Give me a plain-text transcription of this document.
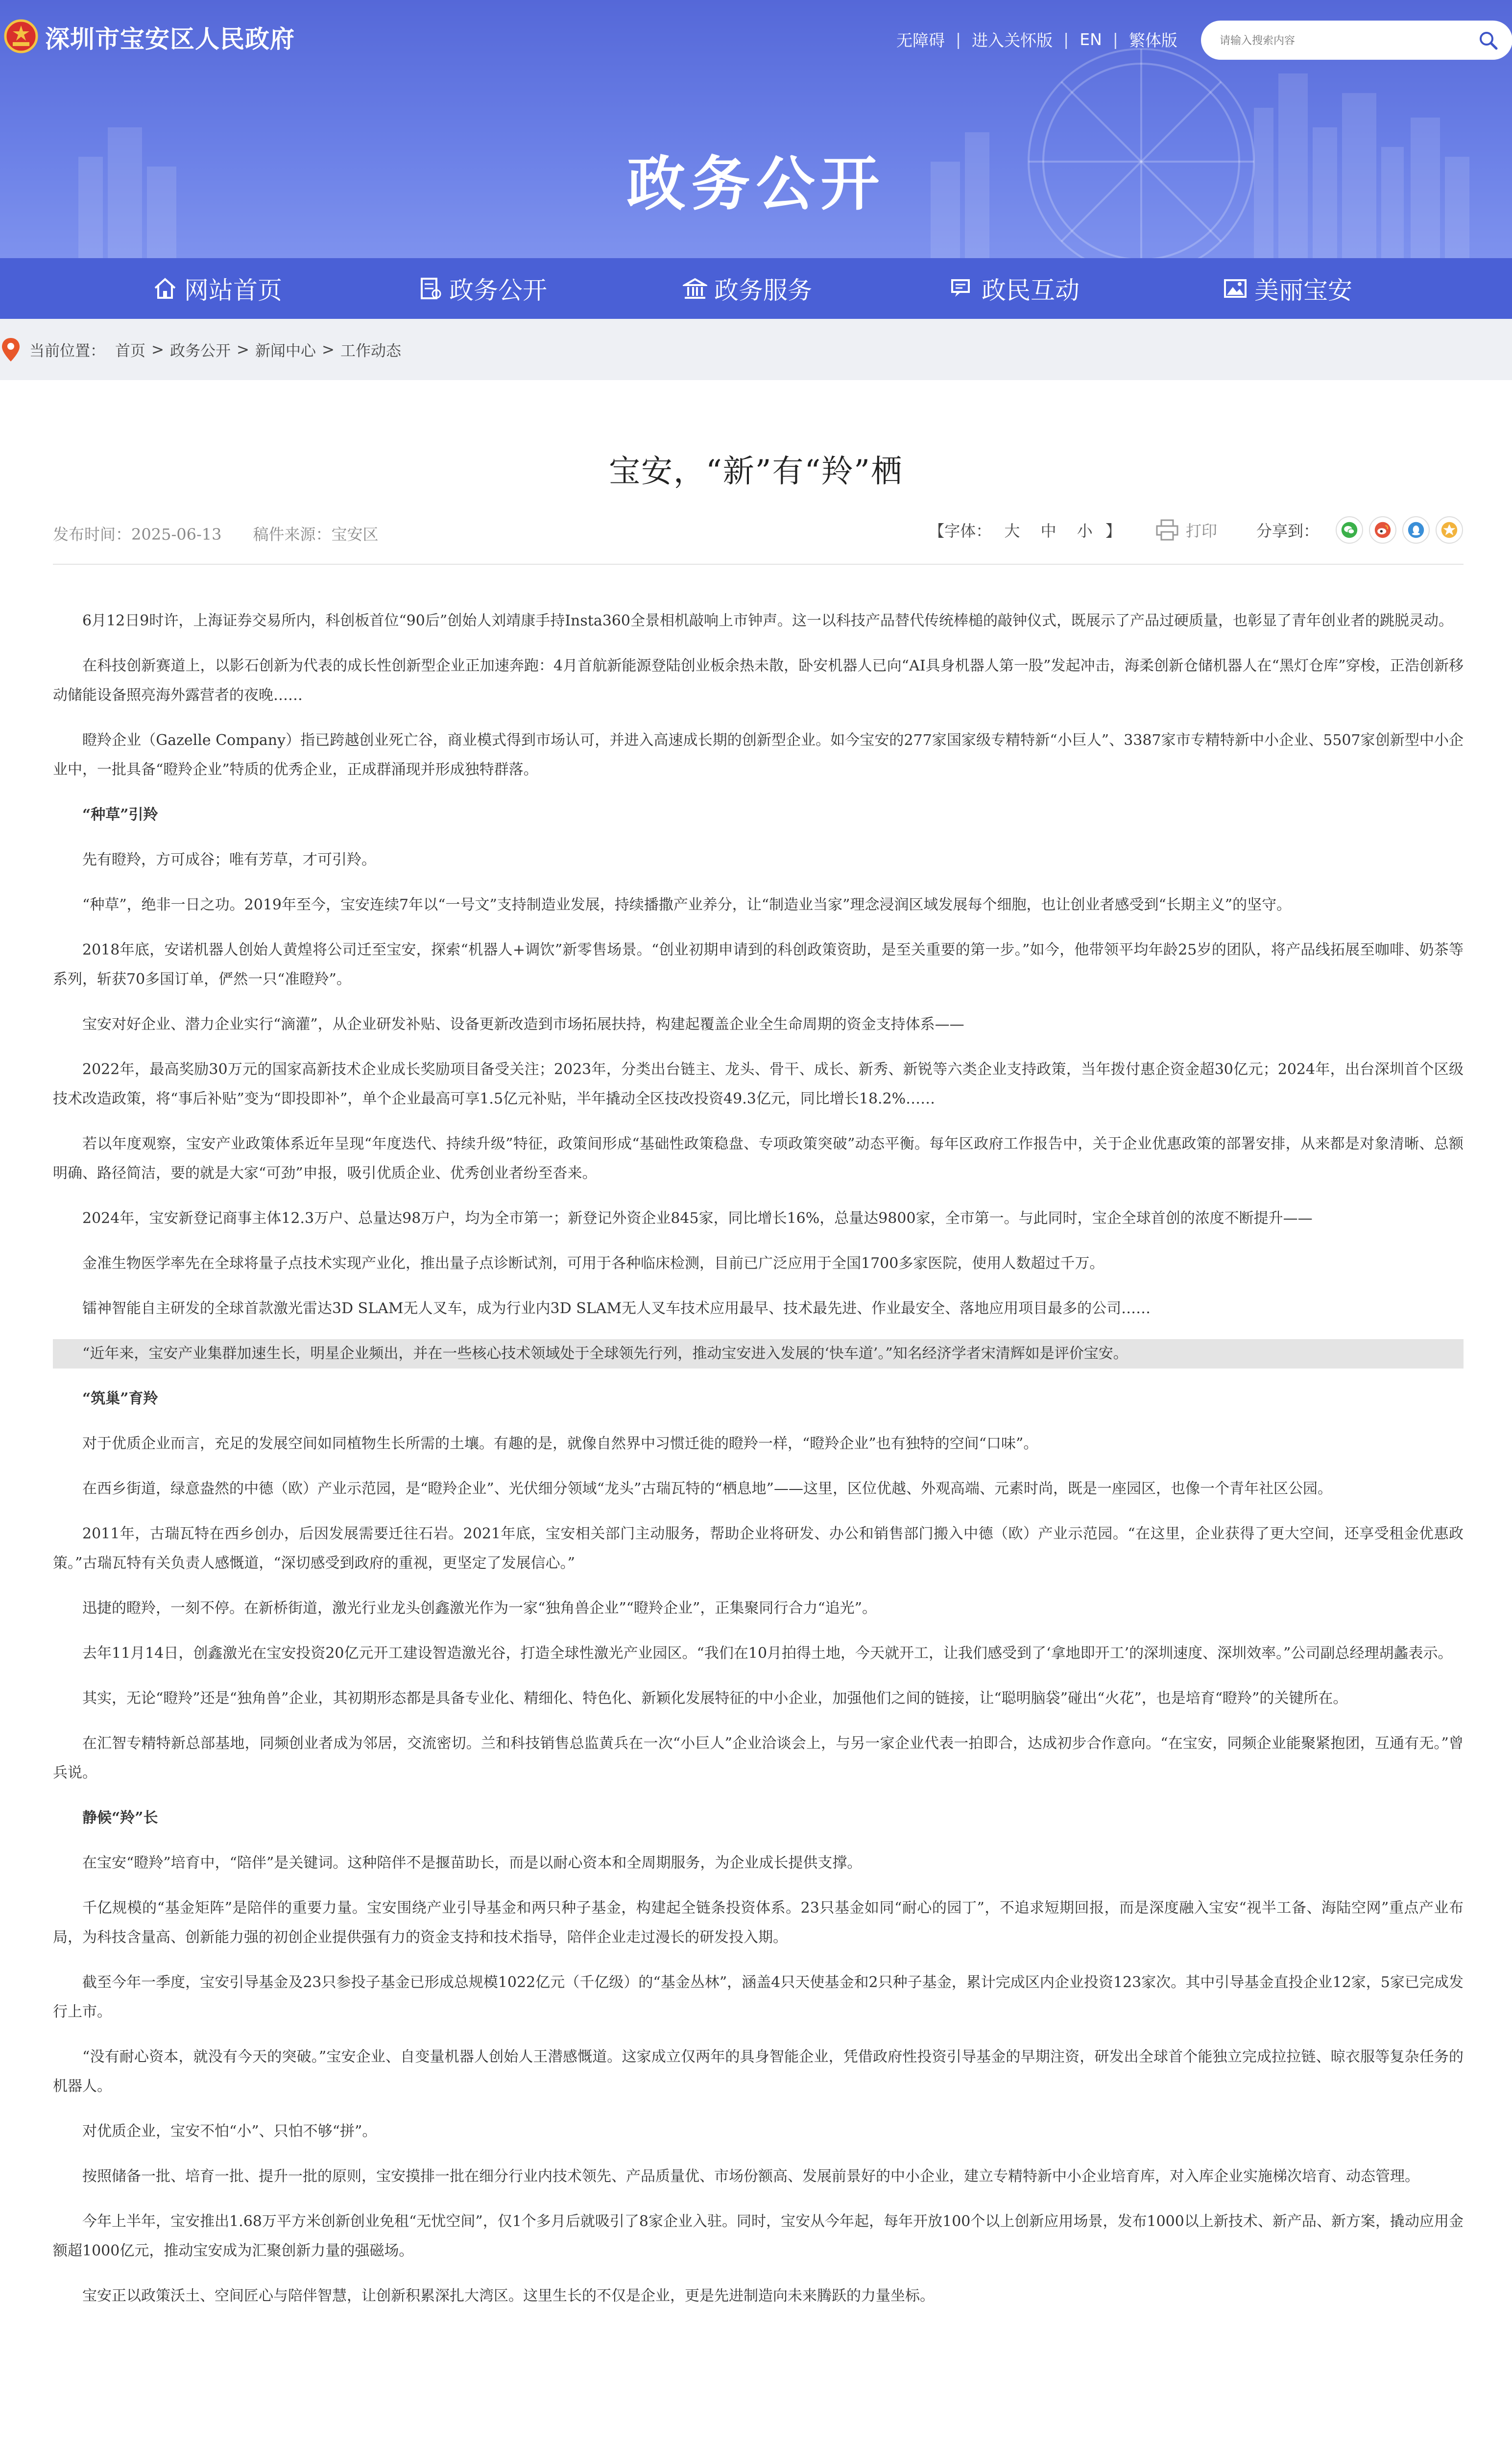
深圳市宝安区人民政府	无障碍 | 进入关怀版 | EN | 繁体版
请输入搜索内容
政务公开
网站首页	政务公开	政务服务	政民互动	美丽宝安
当前位置： 首页 > 政务公开 > 新闻中心 > 工作动态
宝安，“新”有“羚”栖
发布时间：2025-06-13 稿件来源：宝安区	【字体： 大 中 小 】	打印	分享到：

6月12日9时许，上海证券交易所内，科创板首位“90后”创始人刘靖康手持Insta360全景相机敲响上市钟声。这一以科技产品替代传统棒槌的敲钟仪式，既展示了产品过硬质量，也彰显了青年创业者的跳脱灵动。

在科技创新赛道上，以影石创新为代表的成长性创新型企业正加速奔跑：4月首航新能源登陆创业板余热未散，卧安机器人已向“AI具身机器人第一股”发起冲击，海柔创新仓储机器人在“黑灯仓库”穿梭，正浩创新移动储能设备照亮海外露营者的夜晚……

瞪羚企业（Gazelle Company）指已跨越创业死亡谷，商业模式得到市场认可，并进入高速成长期的创新型企业。如今宝安的277家国家级专精特新“小巨人”、3387家市专精特新中小企业、5507家创新型中小企业中，一批具备“瞪羚企业”特质的优秀企业，正成群涌现并形成独特群落。

“种草”引羚

先有瞪羚，方可成谷；唯有芳草，才可引羚。

“种草”，绝非一日之功。2019年至今，宝安连续7年以“一号文”支持制造业发展，持续播撒产业养分，让“制造业当家”理念浸润区域发展每个细胞，也让创业者感受到“长期主义”的坚守。

2018年底，安诺机器人创始人黄煌将公司迁至宝安，探索“机器人+调饮”新零售场景。“创业初期申请到的科创政策资助，是至关重要的第一步。”如今，他带领平均年龄25岁的团队，将产品线拓展至咖啡、奶茶等系列，斩获70多国订单，俨然一只“准瞪羚”。

宝安对好企业、潜力企业实行“滴灌”，从企业研发补贴、设备更新改造到市场拓展扶持，构建起覆盖企业全生命周期的资金支持体系——

2022年，最高奖励30万元的国家高新技术企业成长奖励项目备受关注；2023年，分类出台链主、龙头、骨干、成长、新秀、新锐等六类企业支持政策，当年拨付惠企资金超30亿元；2024年，出台深圳首个区级技术改造政策，将“事后补贴”变为“即投即补”，单个企业最高可享1.5亿元补贴，半年撬动全区技改投资49.3亿元，同比增长18.2%……

若以年度观察，宝安产业政策体系近年呈现“年度迭代、持续升级”特征，政策间形成“基础性政策稳盘、专项政策突破”动态平衡。每年区政府工作报告中，关于企业优惠政策的部署安排，从来都是对象清晰、总额明确、路径简洁，要的就是大家“可劲”申报，吸引优质企业、优秀创业者纷至沓来。

2024年，宝安新登记商事主体12.3万户、总量达98万户，均为全市第一；新登记外资企业845家，同比增长16%，总量达9800家，全市第一。与此同时，宝企全球首创的浓度不断提升——

金准生物医学率先在全球将量子点技术实现产业化，推出量子点诊断试剂，可用于各种临床检测，目前已广泛应用于全国1700多家医院，使用人数超过千万。

镭神智能自主研发的全球首款激光雷达3D SLAM无人叉车，成为行业内3D SLAM无人叉车技术应用最早、技术最先进、作业最安全、落地应用项目最多的公司……

“近年来，宝安产业集群加速生长，明星企业频出，并在一些核心技术领域处于全球领先行列，推动宝安进入发展的‘快车道’。”知名经济学者宋清辉如是评价宝安。

“筑巢”育羚

对于优质企业而言，充足的发展空间如同植物生长所需的土壤。有趣的是，就像自然界中习惯迁徙的瞪羚一样，“瞪羚企业”也有独特的空间“口味”。

在西乡街道，绿意盎然的中德（欧）产业示范园，是“瞪羚企业”、光伏细分领域“龙头”古瑞瓦特的“栖息地”——这里，区位优越、外观高端、元素时尚，既是一座园区，也像一个青年社区公园。

2011年，古瑞瓦特在西乡创办，后因发展需要迁往石岩。2021年底，宝安相关部门主动服务，帮助企业将研发、办公和销售部门搬入中德（欧）产业示范园。“在这里，企业获得了更大空间，还享受租金优惠政策。”古瑞瓦特有关负责人感慨道，“深切感受到政府的重视，更坚定了发展信心。”

迅捷的瞪羚，一刻不停。在新桥街道，激光行业龙头创鑫激光作为一家“独角兽企业”“瞪羚企业”，正集聚同行合力“追光”。

去年11月14日，创鑫激光在宝安投资20亿元开工建设智造激光谷，打造全球性激光产业园区。“我们在10月拍得土地，今天就开工，让我们感受到了‘拿地即开工’的深圳速度、深圳效率。”公司副总经理胡蠡表示。

其实，无论“瞪羚”还是“独角兽”企业，其初期形态都是具备专业化、精细化、特色化、新颖化发展特征的中小企业，加强他们之间的链接，让“聪明脑袋”碰出“火花”，也是培育“瞪羚”的关键所在。

在汇智专精特新总部基地，同频创业者成为邻居，交流密切。兰和科技销售总监黄兵在一次“小巨人”企业洽谈会上，与另一家企业代表一拍即合，达成初步合作意向。“在宝安，同频企业能聚紧抱团，互通有无。”曾兵说。

静候“羚”长

在宝安“瞪羚”培育中，“陪伴”是关键词。这种陪伴不是揠苗助长，而是以耐心资本和全周期服务，为企业成长提供支撑。

千亿规模的“基金矩阵”是陪伴的重要力量。宝安围绕产业引导基金和两只种子基金，构建起全链条投资体系。23只基金如同“耐心的园丁”，不追求短期回报，而是深度融入宝安“视半工备、海陆空网”重点产业布局，为科技含量高、创新能力强的初创企业提供强有力的资金支持和技术指导，陪伴企业走过漫长的研发投入期。

截至今年一季度，宝安引导基金及23只参投子基金已形成总规模1022亿元（千亿级）的“基金丛林”，涵盖4只天使基金和2只种子基金，累计完成区内企业投资123家次。其中引导基金直投企业12家，5家已完成发行上市。

“没有耐心资本，就没有今天的突破。”宝安企业、自变量机器人创始人王潜感慨道。这家成立仅两年的具身智能企业，凭借政府性投资引导基金的早期注资，研发出全球首个能独立完成拉拉链、晾衣服等复杂任务的机器人。

对优质企业，宝安不怕“小”、只怕不够“拼”。

按照储备一批、培育一批、提升一批的原则，宝安摸排一批在细分行业内技术领先、产品质量优、市场份额高、发展前景好的中小企业，建立专精特新中小企业培育库，对入库企业实施梯次培育、动态管理。

今年上半年，宝安推出1.68万平方米创新创业免租“无忧空间”，仅1个多月后就吸引了8家企业入驻。同时，宝安从今年起，每年开放100个以上创新应用场景，发布1000以上新技术、新产品、新方案，撬动应用金额超1000亿元，推动宝安成为汇聚创新力量的强磁场。

宝安正以政策沃土、空间匠心与陪伴智慧，让创新积累深扎大湾区。这里生长的不仅是企业，更是先进制造向未来腾跃的力量坐标。
